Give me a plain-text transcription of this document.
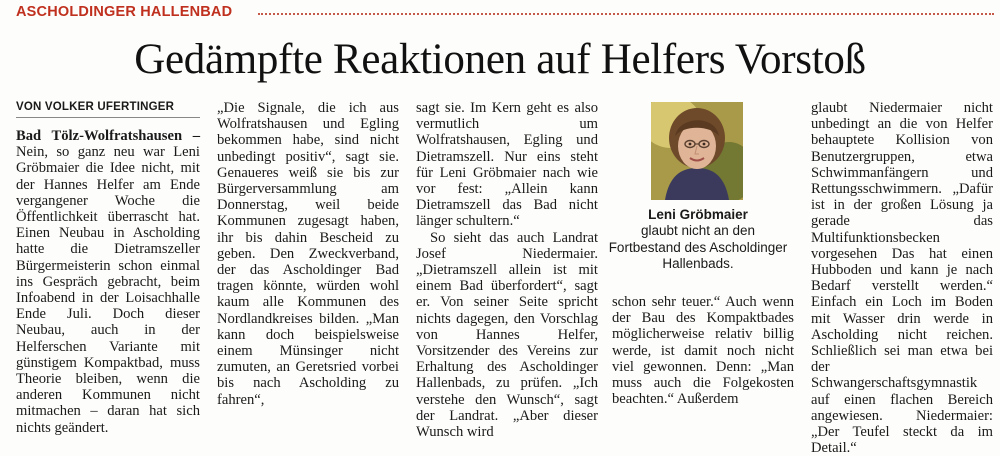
ASCHOLDINGER HALLENBAD
Gedämpfte Reaktionen auf Helfers Vorstoß
VON VOLKER UFERTINGER

Bad Tölz-Wolfratshausen – Nein, so ganz neu war Leni Gröbmaier die Idee nicht, mit der Hannes Helfer am Ende vergangener Woche die Öffentlichkeit überrascht hat. Einen Neubau in Ascholding hatte die Dietramszeller Bürgermeisterin schon einmal ins Gespräch gebracht, beim Infoabend in der Loisachhalle Ende Juli. Doch dieser Neubau, auch in der Helferschen Variante mit günstigem Kompaktbad, muss Theorie bleiben, wenn die anderen Kommunen nicht mitmachen – daran hat sich nichts geändert.

„Die Signale, die ich aus Wolfratshausen und Egling bekommen habe, sind nicht unbedingt positiv“, sagt sie. Genaueres weiß sie bis zur Bürgerversammlung am Donnerstag, weil beide Kommunen zugesagt haben, ihr bis dahin Bescheid zu geben. Den Zweckverband, der das Ascholdinger Bad tragen könnte, würden wohl kaum alle Kommunen des Nordlandkreises bilden. „Man kann doch beispielsweise einem Münsinger nicht zumuten, an Geretsried vorbei bis nach Ascholding zu fahren“,

sagt sie. Im Kern geht es also vermutlich um Wolfratshausen, Egling und Dietramszell. Nur eins steht für Leni Gröbmaier nach wie vor fest: „Allein kann Dietramszell das Bad nicht länger schultern.“

So sieht das auch Landrat Josef Niedermaier. „Dietramszell allein ist mit einem Bad überfordert“, sagt er. Von seiner Seite spricht nichts dagegen, den Vorschlag von Hannes Helfer, Vorsitzender des Vereins zur Erhaltung des Ascholdinger Hallenbads, zu prüfen. „Ich verstehe den Wunsch“, sagt der Landrat. „Aber dieser Wunsch wird

Leni Gröbmaier
glaubt nicht an den Fortbestand des Ascholdinger Hallenbads.

schon sehr teuer.“ Auch wenn der Bau des Kompaktbades möglicherweise relativ billig werde, ist damit noch nicht viel gewonnen. Denn: „Man muss auch die Folgekosten beachten.“ Außerdem

glaubt Niedermaier nicht unbedingt an die von Helfer behauptete Kollision von Benutzergruppen, etwa Schwimmanfängern und Rettungsschwimmern. „Dafür ist in der großen Lösung ja gerade das Multifunktionsbecken vorgesehen Das hat einen Hubboden und kann je nach Bedarf verstellt werden.“ Einfach ein Loch im Boden mit Wasser drin werde in Ascholding nicht reichen. Schließlich sei man etwa bei der Schwangerschaftsgymnastik auf einen flachen Bereich angewiesen. Niedermaier: „Der Teufel steckt da im Detail.“
